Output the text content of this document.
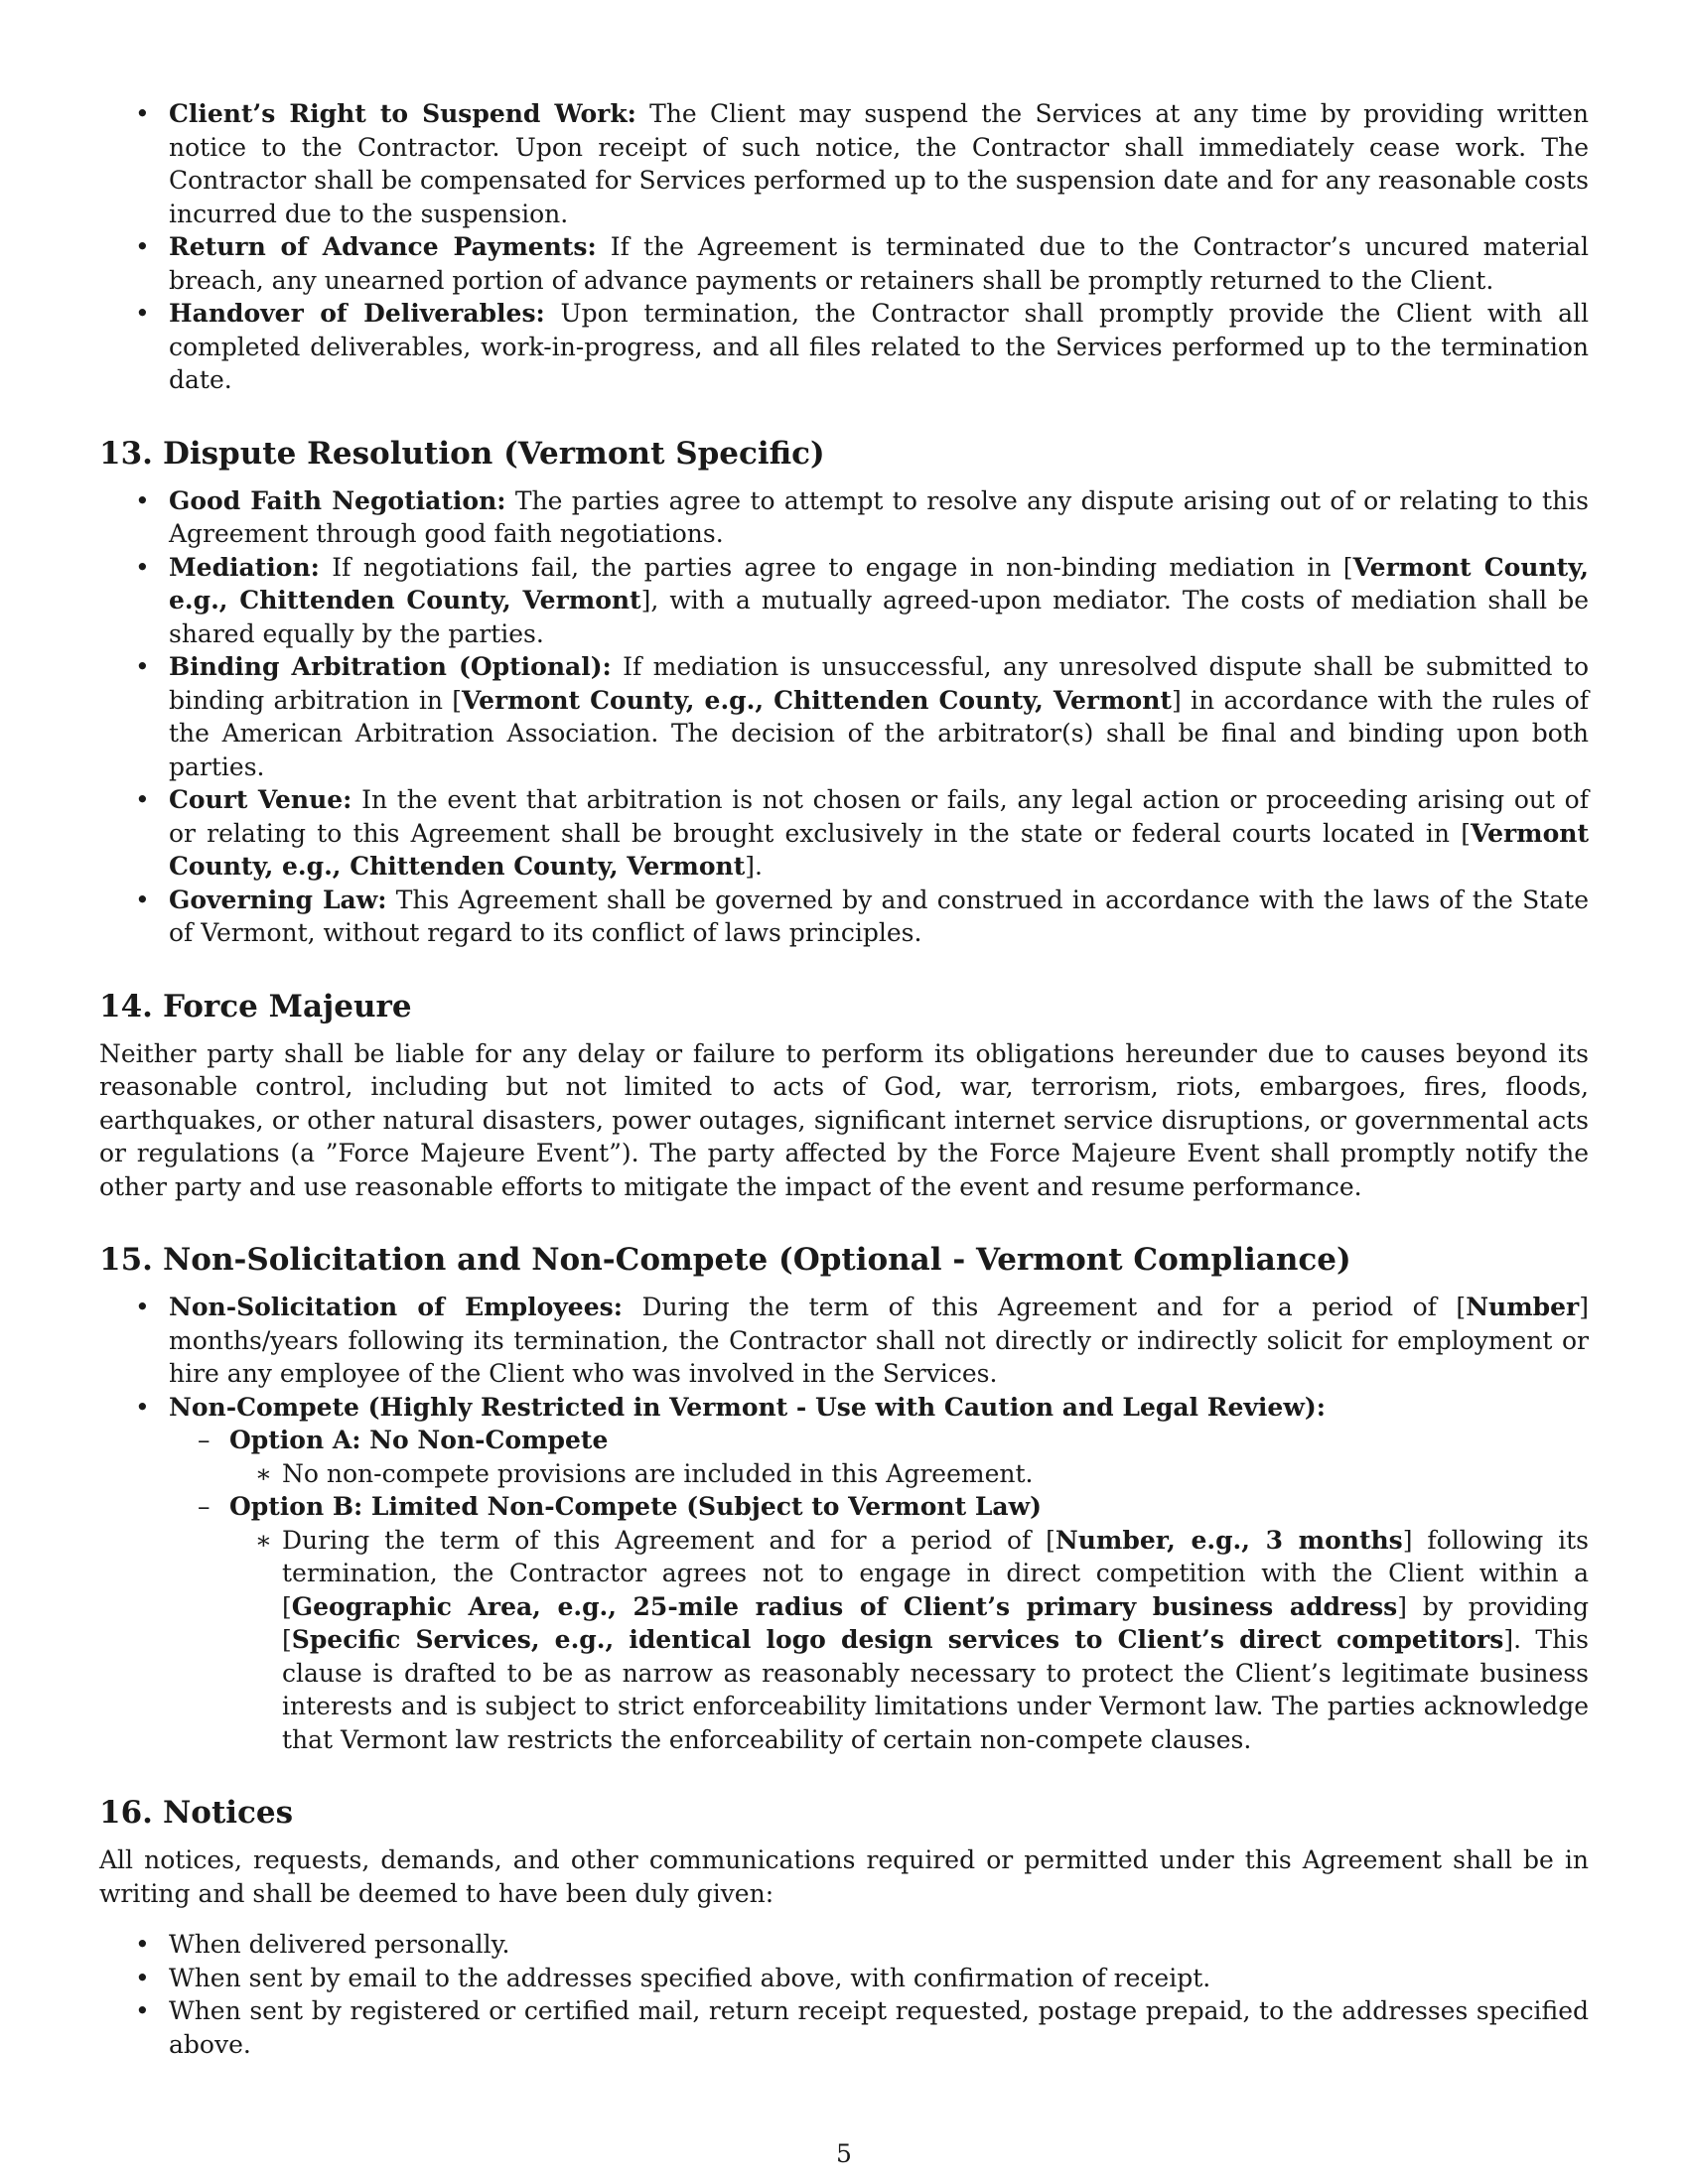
• Client’s Right to Suspend Work: The Client may suspend the Services at any time by providing written notice to the Contractor. Upon receipt of such notice, the Contractor shall immediately cease work. The Contractor shall be compensated for Services performed up to the suspension date and for any reasonable costs incurred due to the suspension.
• Return of Advance Payments: If the Agreement is terminated due to the Contractor’s uncured material breach, any unearned portion of advance payments or retainers shall be promptly returned to the Client.
• Handover of Deliverables: Upon termination, the Contractor shall promptly provide the Client with all completed deliverables, work-in-progress, and all files related to the Services performed up to the termination date.
13. Dispute Resolution (Vermont Specific)
• Good Faith Negotiation: The parties agree to attempt to resolve any dispute arising out of or relating to this Agreement through good faith negotiations.
• Mediation: If negotiations fail, the parties agree to engage in non-binding mediation in [Vermont County, e.g., Chittenden County, Vermont], with a mutually agreed-upon mediator. The costs of mediation shall be shared equally by the parties.
• Binding Arbitration (Optional): If mediation is unsuccessful, any unresolved dispute shall be submitted to binding arbitration in [Vermont County, e.g., Chittenden County, Vermont] in accordance with the rules of the American Arbitration Association. The decision of the arbitrator(s) shall be final and binding upon both parties.
• Court Venue: In the event that arbitration is not chosen or fails, any legal action or proceeding arising out of or relating to this Agreement shall be brought exclusively in the state or federal courts located in [Vermont County, e.g., Chittenden County, Vermont].
• Governing Law: This Agreement shall be governed by and construed in accordance with the laws of the State of Vermont, without regard to its conflict of laws principles.
14. Force Majeure

Neither party shall be liable for any delay or failure to perform its obligations hereunder due to causes beyond its reasonable control, including but not limited to acts of God, war, terrorism, riots, embargoes, fires, floods, earthquakes, or other natural disasters, power outages, significant internet service disruptions, or governmental acts or regulations (a ”Force Majeure Event”). The party affected by the Force Majeure Event shall promptly notify the other party and use reasonable efforts to mitigate the impact of the event and resume performance.

15. Non-Solicitation and Non-Compete (Optional - Vermont Compliance)
• Non-Solicitation of Employees: During the term of this Agreement and for a period of [Number] months/years following its termination, the Contractor shall not directly or indirectly solicit for employment or hire any employee of the Client who was involved in the Services.
• Non-Compete (Highly Restricted in Vermont - Use with Caution and Legal Review):
– Option A: No Non-Compete
∗ No non-compete provisions are included in this Agreement.
– Option B: Limited Non-Compete (Subject to Vermont Law)
∗ During the term of this Agreement and for a period of [Number, e.g., 3 months] following its termination, the Contractor agrees not to engage in direct competition with the Client within a [Geographic Area, e.g., 25-mile radius of Client’s primary business address] by providing [Specific Services, e.g., identical logo design services to Client’s direct competitors]. This clause is drafted to be as narrow as reasonably necessary to protect the Client’s legitimate business interests and is subject to strict enforceability limitations under Vermont law. The parties acknowledge that Vermont law restricts the enforceability of certain non-compete clauses.
16. Notices

All notices, requests, demands, and other communications required or permitted under this Agreement shall be in writing and shall be deemed to have been duly given:

• When delivered personally.
• When sent by email to the addresses specified above, with confirmation of receipt.
• When sent by registered or certified mail, return receipt requested, postage prepaid, to the addresses specified above.
5
